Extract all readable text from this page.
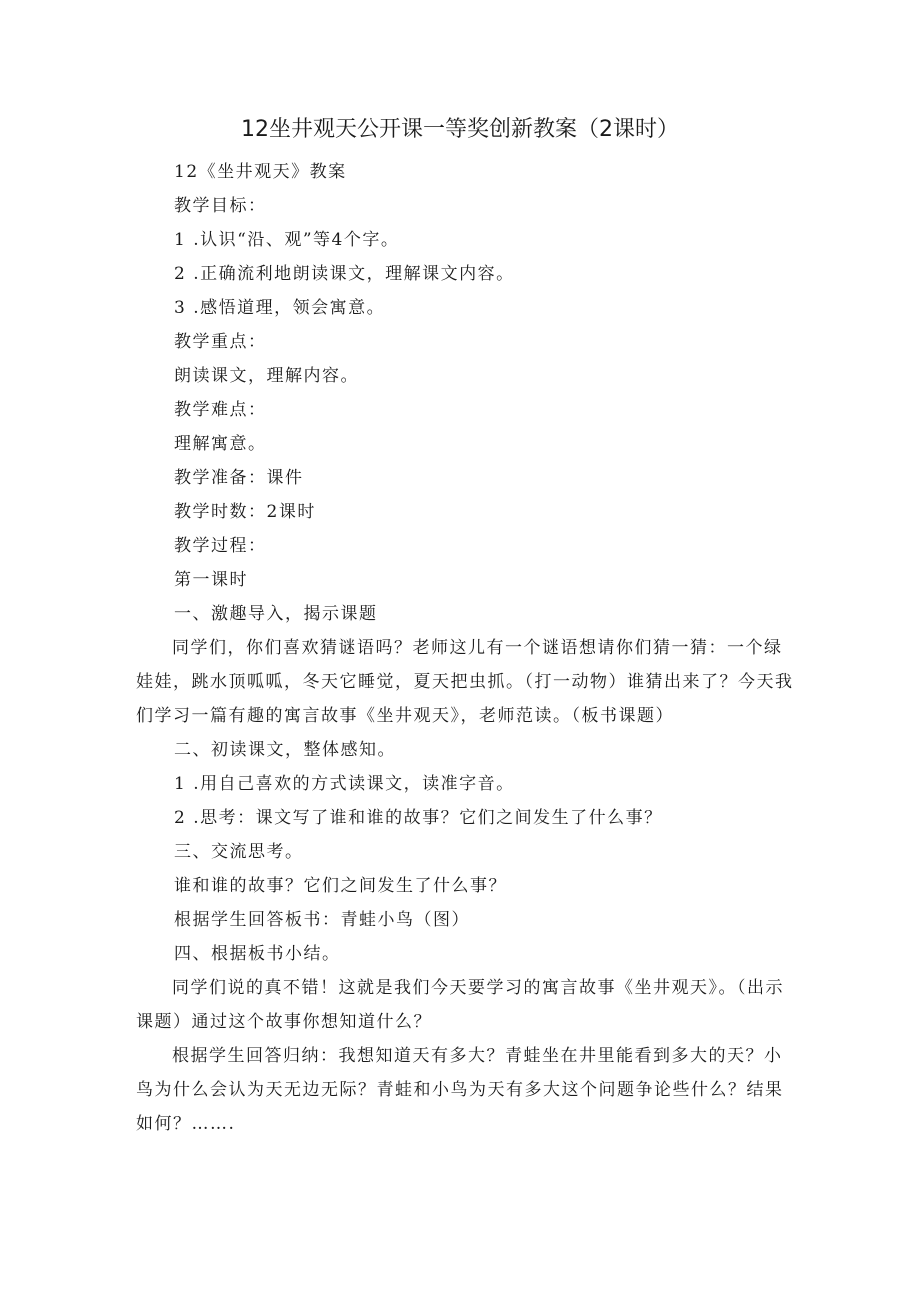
12坐井观天公开课一等奖创新教案（2课时）

12《坐井观天》教案

教学目标：

1 .认识“沿、观”等4个字。

2 .正确流利地朗读课文，理解课文内容。

3 .感悟道理，领会寓意。

教学重点：

朗读课文，理解内容。

教学难点：

理解寓意。

教学准备：课件

教学时数：2课时

教学过程：

第一课时

一、激趣导入，揭示课题

同学们，你们喜欢猜谜语吗？老师这儿有一个谜语想请你们猜一猜：一个绿娃娃，跳水顶呱呱，冬天它睡觉，夏天把虫抓。（打一动物）谁猜出来了？今天我们学习一篇有趣的寓言故事《坐井观天》，老师范读。（板书课题）

二、初读课文，整体感知。

1 .用自己喜欢的方式读课文，读准字音。

2 .思考：课文写了谁和谁的故事？它们之间发生了什么事？

三、交流思考。

谁和谁的故事？它们之间发生了什么事？

根据学生回答板书：青蛙小鸟（图）

四、根据板书小结。

同学们说的真不错！这就是我们今天要学习的寓言故事《坐井观天》。（出示课题）通过这个故事你想知道什么？

根据学生回答归纳：我想知道天有多大？青蛙坐在井里能看到多大的天？小鸟为什么会认为天无边无际？青蛙和小鸟为天有多大这个问题争论些什么？结果如何？…….
